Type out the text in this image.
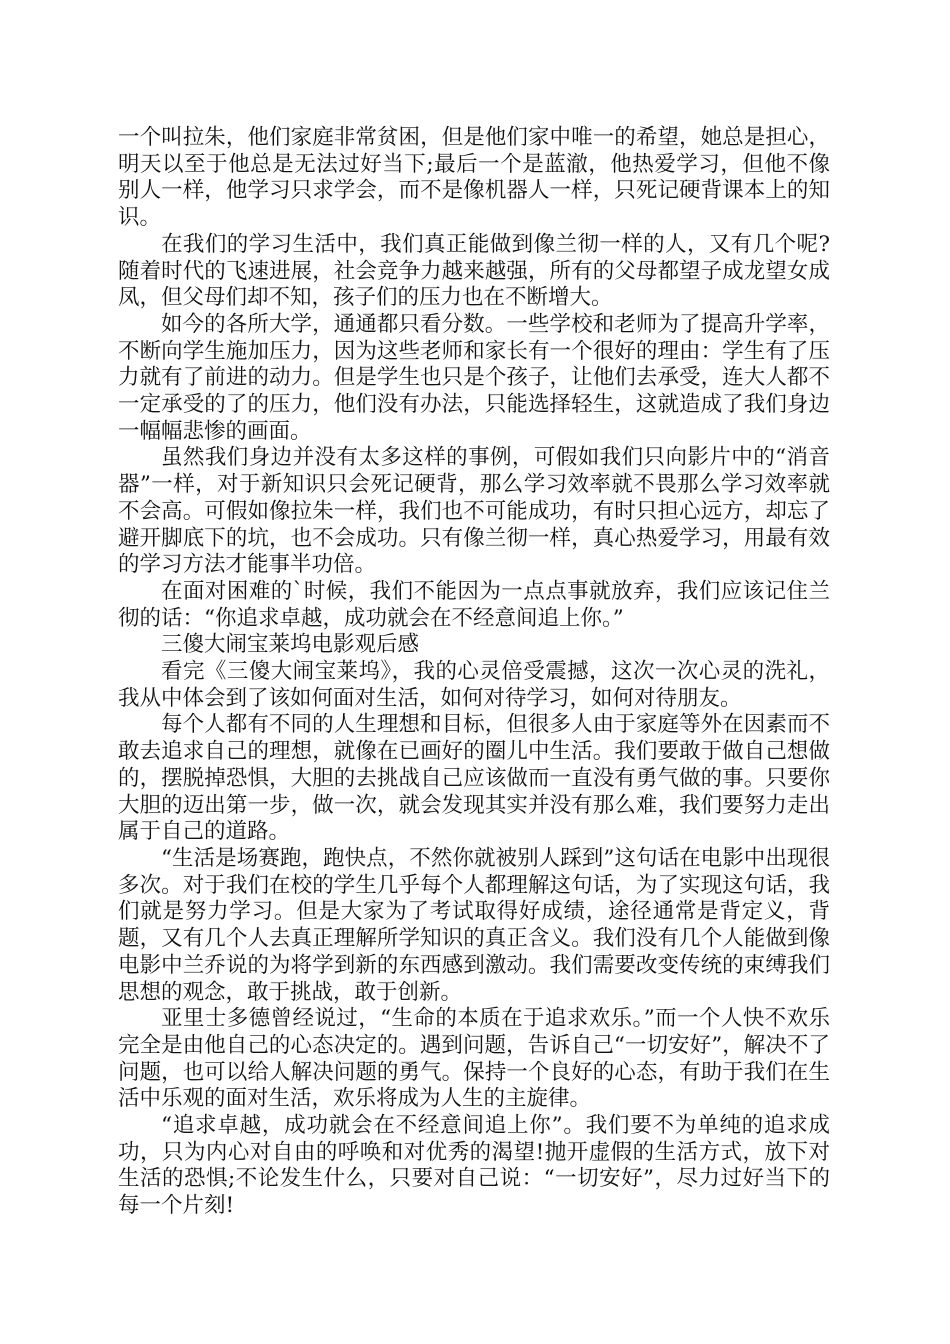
一个叫拉朱，他们家庭非常贫困，但是他们家中唯一的希望，她总是担心，明天以至于他总是无法过好当下;最后一个是蓝澈，他热爱学习，但他不像别人一样，他学习只求学会，而不是像机器人一样，只死记硬背课本上的知识。

在我们的学习生活中，我们真正能做到像兰彻一样的人，又有几个呢?随着时代的飞速进展，社会竞争力越来越强，所有的父母都望子成龙望女成凤，但父母们却不知，孩子们的压力也在不断增大。

如今的各所大学，通通都只看分数。一些学校和老师为了提高升学率，不断向学生施加压力，因为这些老师和家长有一个很好的理由：学生有了压力就有了前进的动力。但是学生也只是个孩子，让他们去承受，连大人都不一定承受的了的压力，他们没有办法，只能选择轻生，这就造成了我们身边一幅幅悲惨的画面。

虽然我们身边并没有太多这样的事例，可假如我们只向影片中的“消音器”一样，对于新知识只会死记硬背，那么学习效率就不畏那么学习效率就不会高。可假如像拉朱一样，我们也不可能成功，有时只担心远方，却忘了避开脚底下的坑，也不会成功。只有像兰彻一样，真心热爱学习，用最有效的学习方法才能事半功倍。

在面对困难的`时候，我们不能因为一点点事就放弃，我们应该记住兰彻的话：“你追求卓越，成功就会在不经意间追上你。”

三傻大闹宝莱坞电影观后感

看完《三傻大闹宝莱坞》，我的心灵倍受震撼，这次一次心灵的洗礼，我从中体会到了该如何面对生活，如何对待学习，如何对待朋友。

每个人都有不同的人生理想和目标，但很多人由于家庭等外在因素而不敢去追求自己的理想，就像在已画好的圈儿中生活。我们要敢于做自己想做的，摆脱掉恐惧，大胆的去挑战自己应该做而一直没有勇气做的事。只要你大胆的迈出第一步，做一次，就会发现其实并没有那么难，我们要努力走出属于自己的道路。

“生活是场赛跑，跑快点，不然你就被别人踩到”这句话在电影中出现很多次。对于我们在校的学生几乎每个人都理解这句话，为了实现这句话，我们就是努力学习。但是大家为了考试取得好成绩，途径通常是背定义，背题，又有几个人去真正理解所学知识的真正含义。我们没有几个人能做到像电影中兰乔说的为将学到新的东西感到激动。我们需要改变传统的束缚我们思想的观念，敢于挑战，敢于创新。

亚里士多德曾经说过，“生命的本质在于追求欢乐。”而一个人快不欢乐完全是由他自己的心态决定的。遇到问题，告诉自己“一切安好”，解决不了问题，也可以给人解决问题的勇气。保持一个良好的心态，有助于我们在生活中乐观的面对生活，欢乐将成为人生的主旋律。

“追求卓越，成功就会在不经意间追上你”。我们要不为单纯的追求成功，只为内心对自由的呼唤和对优秀的渴望!抛开虚假的生活方式，放下对生活的恐惧;不论发生什么，只要对自己说：“一切安好”，尽力过好当下的每一个片刻!
